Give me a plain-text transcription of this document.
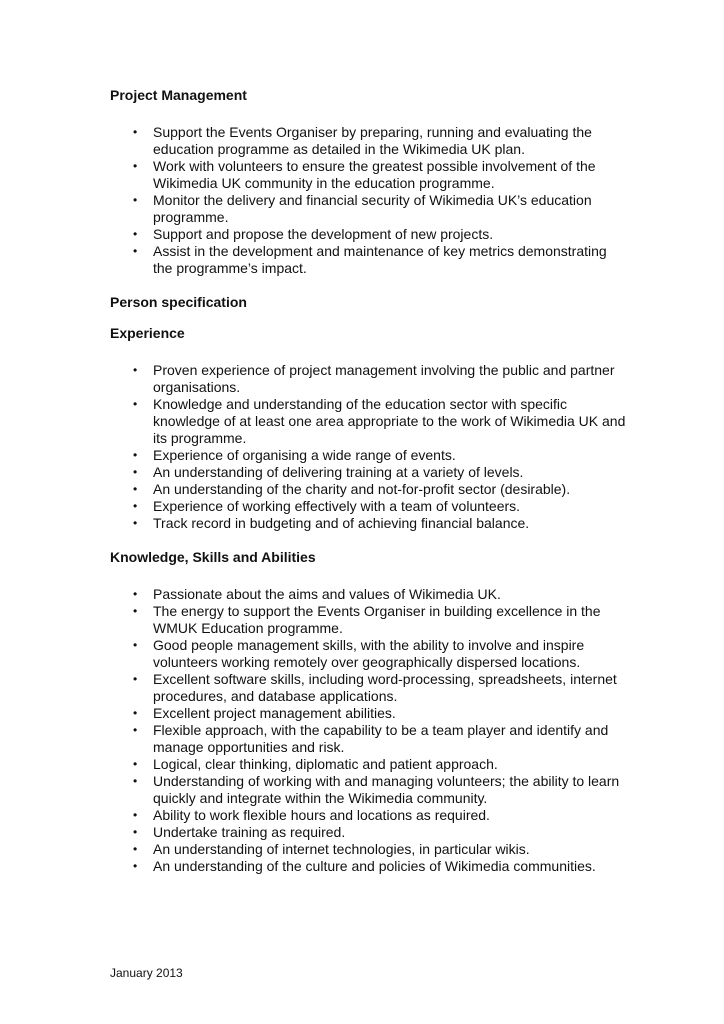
Project Management

• Support the Events Organiser by preparing, running and evaluating the education programme as detailed in the Wikimedia UK plan.
• Work with volunteers to ensure the greatest possible involvement of the Wikimedia UK community in the education programme.
• Monitor the delivery and financial security of Wikimedia UK’s education programme.
• Support and propose the development of new projects.
• Assist in the development and maintenance of key metrics demonstrating the programme’s impact.

Person specification

Experience

• Proven experience of project management involving the public and partner organisations.
• Knowledge and understanding of the education sector with specific knowledge of at least one area appropriate to the work of Wikimedia UK and its programme.
• Experience of organising a wide range of events.
• An understanding of delivering training at a variety of levels.
• An understanding of the charity and not-for-profit sector (desirable).
• Experience of working effectively with a team of volunteers.
• Track record in budgeting and of achieving financial balance.

Knowledge, Skills and Abilities

• Passionate about the aims and values of Wikimedia UK.
• The energy to support the Events Organiser in building excellence in the WMUK Education programme.
• Good people management skills, with the ability to involve and inspire volunteers working remotely over geographically dispersed locations.
• Excellent software skills, including word-processing, spreadsheets, internet procedures, and database applications.
• Excellent project management abilities.
• Flexible approach, with the capability to be a team player and identify and manage opportunities and risk.
• Logical, clear thinking, diplomatic and patient approach.
• Understanding of working with and managing volunteers; the ability to learn quickly and integrate within the Wikimedia community.
• Ability to work flexible hours and locations as required.
• Undertake training as required.
• An understanding of internet technologies, in particular wikis.
• An understanding of the culture and policies of Wikimedia communities.
January 2013
